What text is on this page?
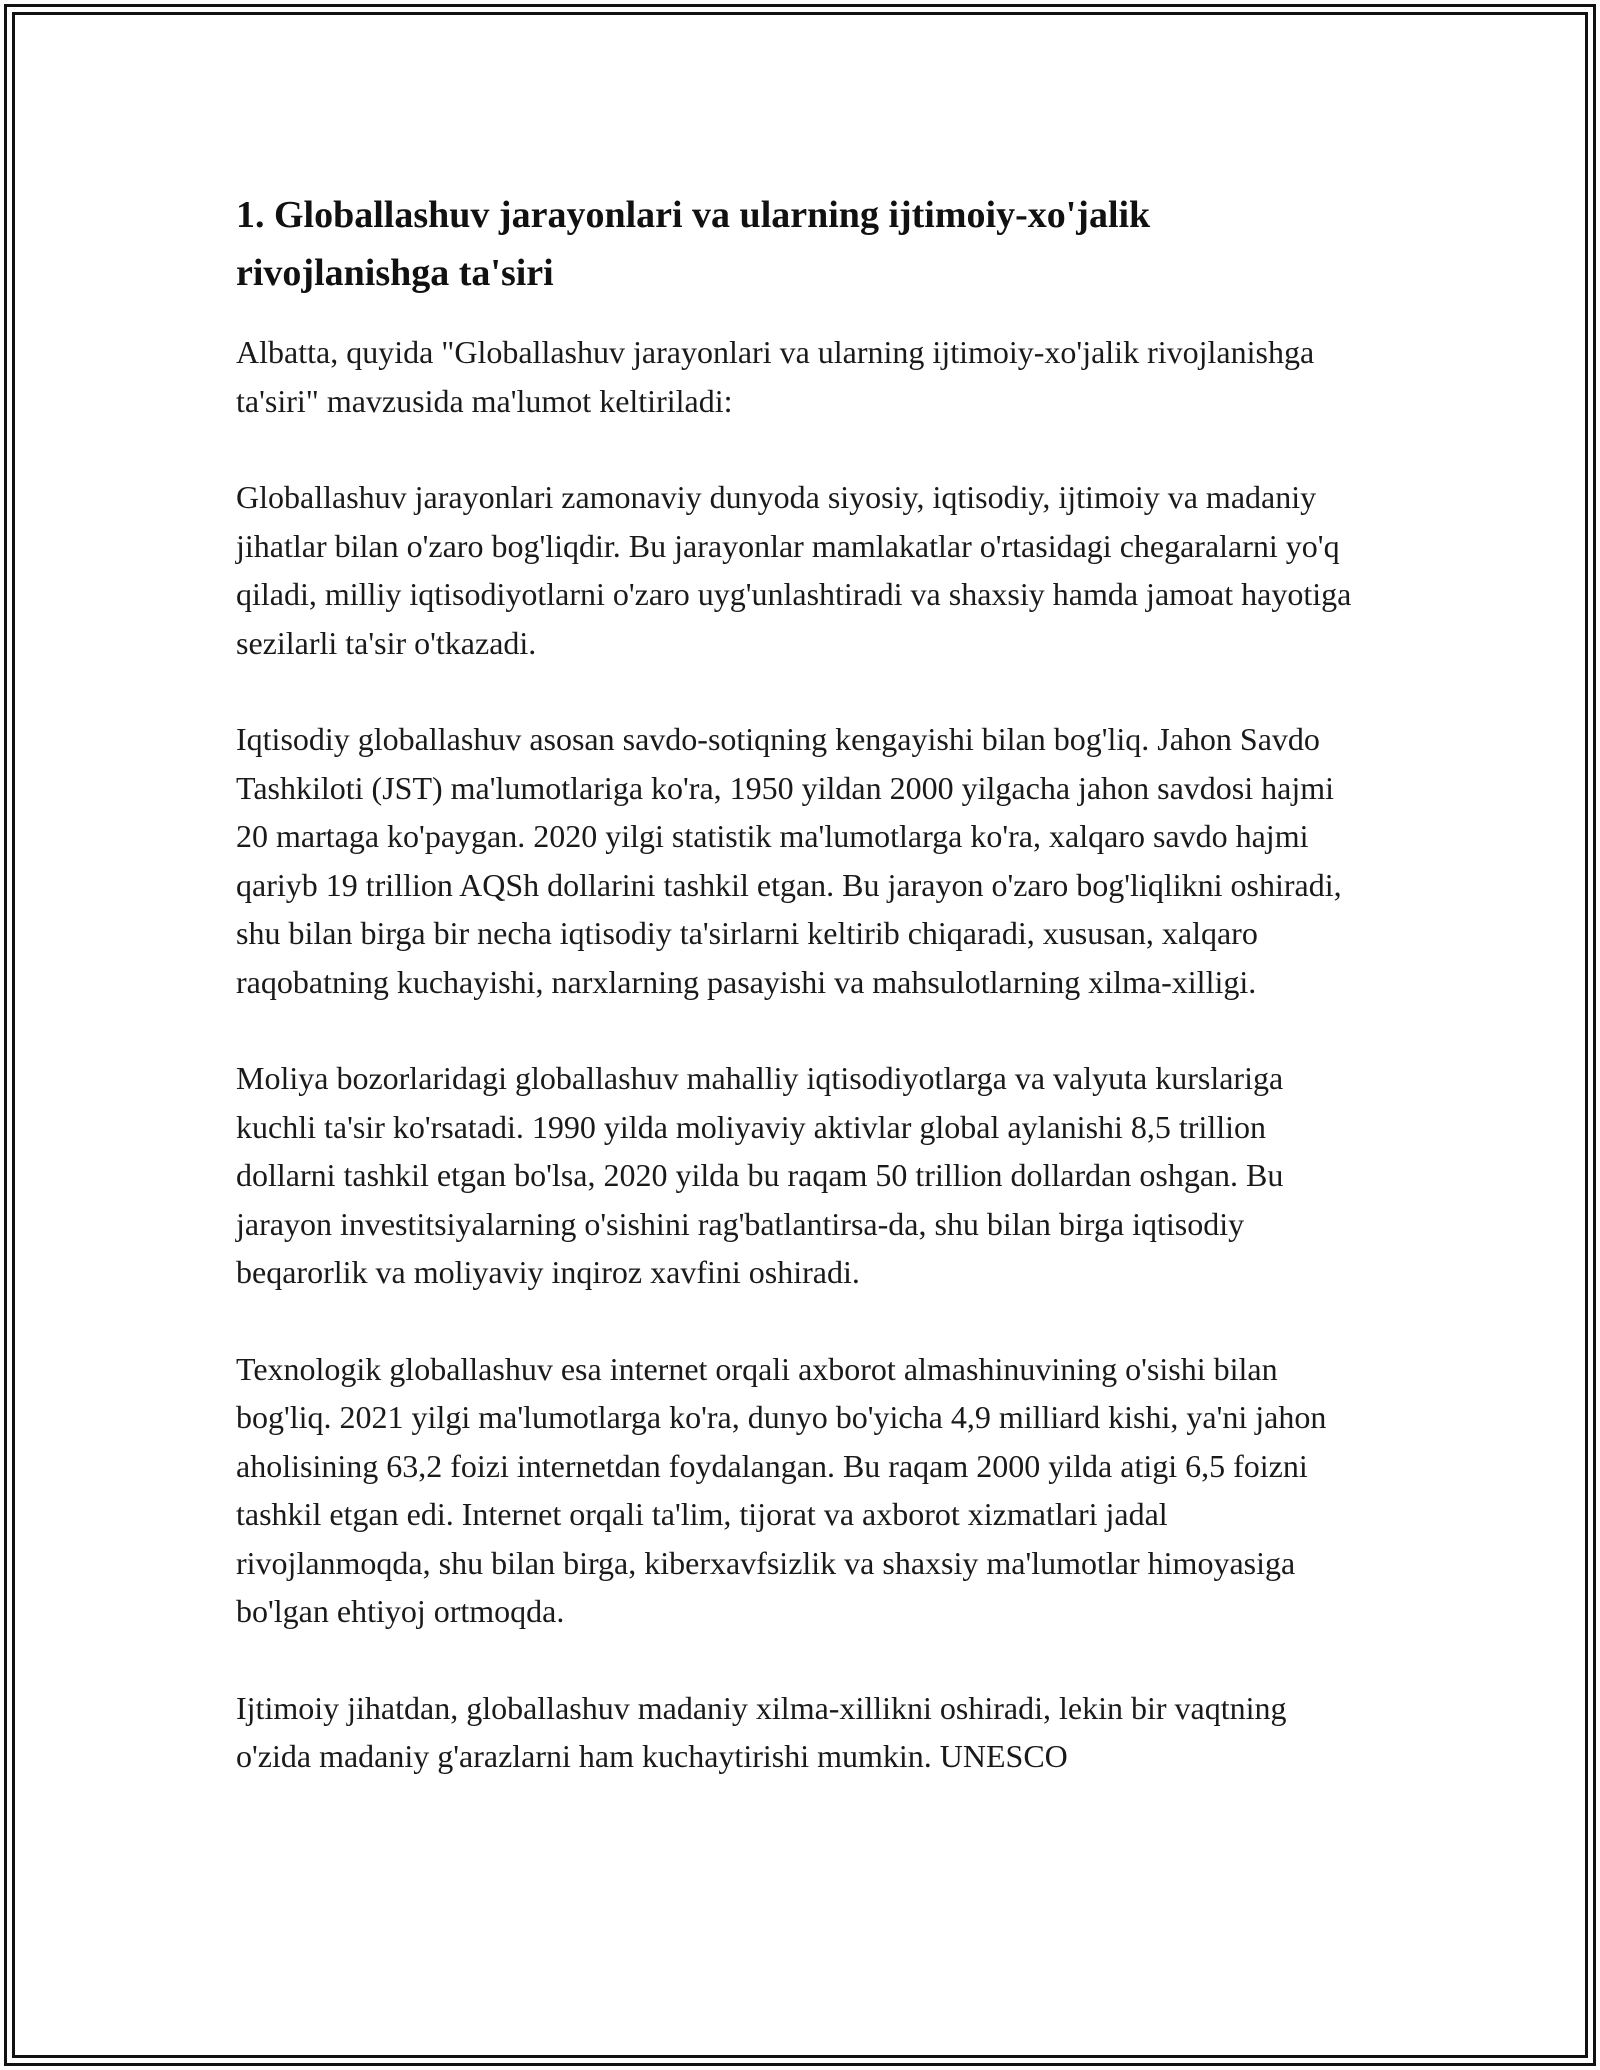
1. Globallashuv jarayonlari va ularning ijtimoiy-xo'jalik rivojlanishga ta'siri

Albatta, quyida "Globallashuv jarayonlari va ularning ijtimoiy-xo'jalik rivojlanishga ta'siri" mavzusida ma'lumot keltiriladi:

Globallashuv jarayonlari zamonaviy dunyoda siyosiy, iqtisodiy, ijtimoiy va madaniy jihatlar bilan o'zaro bog'liqdir. Bu jarayonlar mamlakatlar o'rtasidagi chegaralarni yo'q qiladi, milliy iqtisodiyotlarni o'zaro uyg'unlashtiradi va shaxsiy hamda jamoat hayotiga sezilarli ta'sir o'tkazadi.

Iqtisodiy globallashuv asosan savdo-sotiqning kengayishi bilan bog'liq. Jahon Savdo Tashkiloti (JST) ma'lumotlariga ko'ra, 1950 yildan 2000 yilgacha jahon savdosi hajmi 20 martaga ko'paygan. 2020 yilgi statistik ma'lumotlarga ko'ra, xalqaro savdo hajmi qariyb 19 trillion AQSh dollarini tashkil etgan. Bu jarayon o'zaro bog'liqlikni oshiradi, shu bilan birga bir necha iqtisodiy ta'sirlarni keltirib chiqaradi, xususan, xalqaro raqobatning kuchayishi, narxlarning pasayishi va mahsulotlarning xilma-xilligi.

Moliya bozorlaridagi globallashuv mahalliy iqtisodiyotlarga va valyuta kurslariga kuchli ta'sir ko'rsatadi. 1990 yilda moliyaviy aktivlar global aylanishi 8,5 trillion dollarni tashkil etgan bo'lsa, 2020 yilda bu raqam 50 trillion dollardan oshgan. Bu jarayon investitsiyalarning o'sishini rag'batlantirsa-da, shu bilan birga iqtisodiy beqarorlik va moliyaviy inqiroz xavfini oshiradi.

Texnologik globallashuv esa internet orqali axborot almashinuvining o'sishi bilan bog'liq. 2021 yilgi ma'lumotlarga ko'ra, dunyo bo'yicha 4,9 milliard kishi, ya'ni jahon aholisining 63,2 foizi internetdan foydalangan. Bu raqam 2000 yilda atigi 6,5 foizni tashkil etgan edi. Internet orqali ta'lim, tijorat va axborot xizmatlari jadal rivojlanmoqda, shu bilan birga, kiberxavfsizlik va shaxsiy ma'lumotlar himoyasiga bo'lgan ehtiyoj ortmoqda.

Ijtimoiy jihatdan, globallashuv madaniy xilma-xillikni oshiradi, lekin bir vaqtning o'zida madaniy g'arazlarni ham kuchaytirishi mumkin. UNESCO
